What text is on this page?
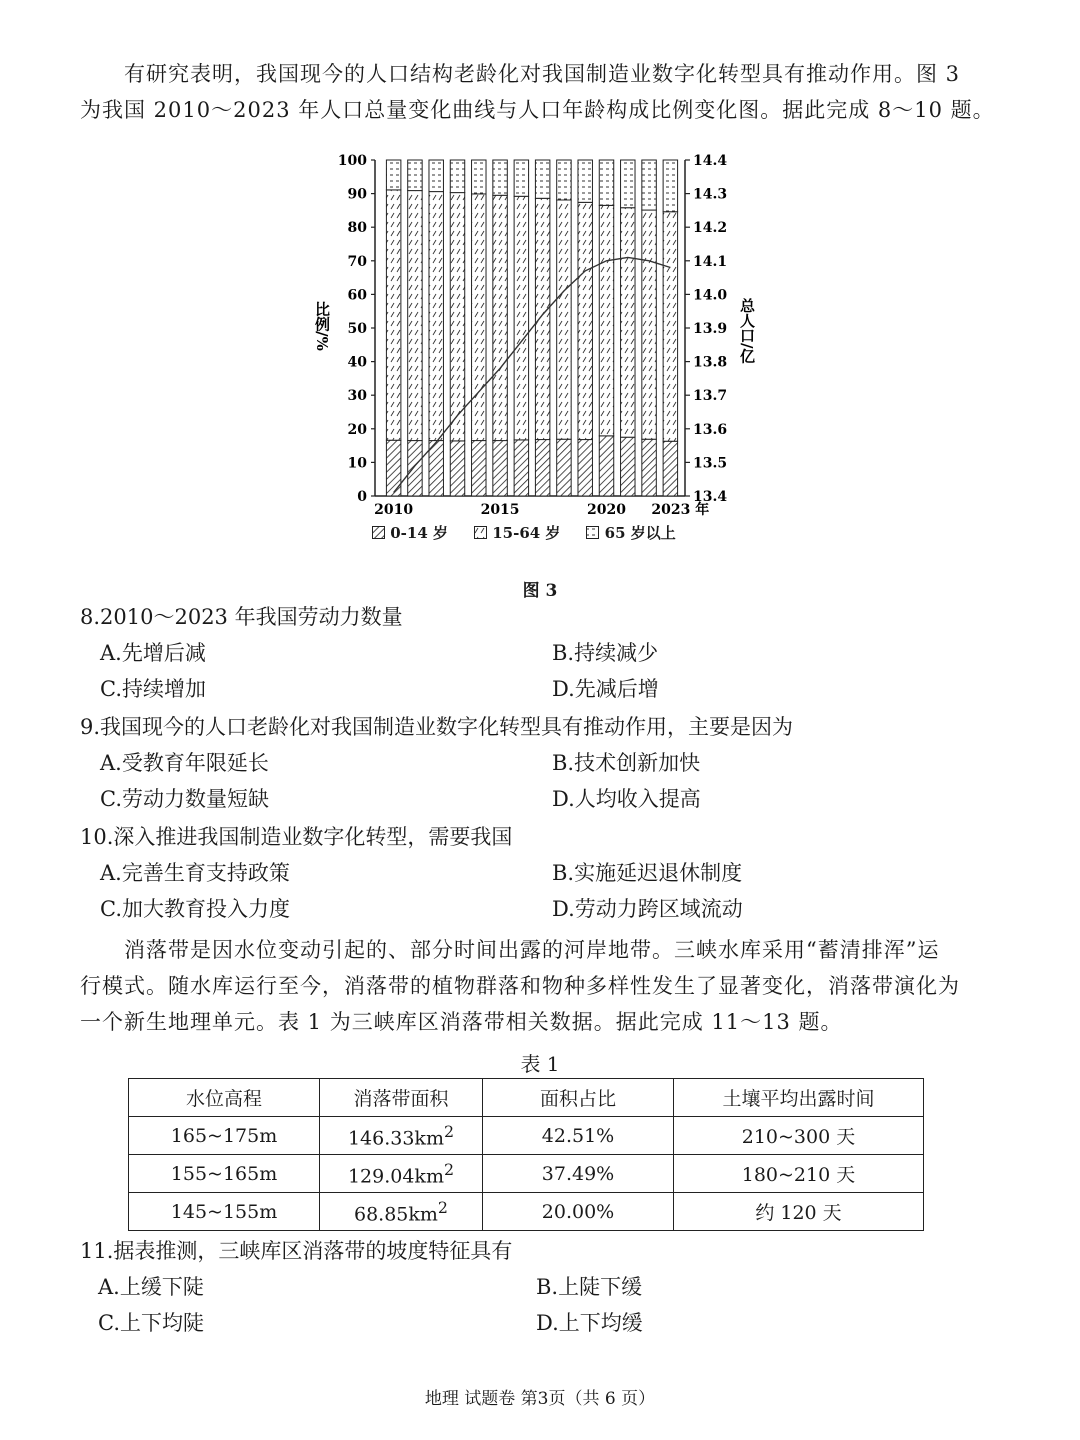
有研究表明，我国现今的人口结构老龄化对我国制造业数字化转型具有推动作用。图 3
为我国 2010～2023 年人口总量变化曲线与人口年龄构成比例变化图。据此完成 8～10 题。
0
10
20
30
40
50
60
70
80
90
100
13.4
13.5
13.6
13.7
13.8
13.9
14.0
14.1
14.2
14.3
14.4
2010	2015	2020 2023 年
比例/%	总人口/亿
0-14 岁	15-64 岁	65 岁以上
图 3
8.2010～2023 年我国劳动力数量
A.先增后减	B.持续减少
C.持续增加	D.先减后增
9.我国现今的人口老龄化对我国制造业数字化转型具有推动作用，主要是因为
A.受教育年限延长	B.技术创新加快
C.劳动力数量短缺	D.人均收入提高
10.深入推进我国制造业数字化转型，需要我国
A.完善生育支持政策	B.实施延迟退休制度
C.加大教育投入力度	D.劳动力跨区域流动
消落带是因水位变动引起的、部分时间出露的河岸地带。三峡水库采用“蓄清排浑”运
行模式。随水库运行至今，消落带的植物群落和物种多样性发生了显著变化，消落带演化为
一个新生地理单元。表 1 为三峡库区消落带相关数据。据此完成 11～13 题。
表 1
水位高程	消落带面积	面积占比	土壤平均出露时间
165~175m	$146.33km^2$	42.51%	210~300 天
155~165m	$129.04km^2$	37.49%	180~210 天
145~155m	$68.85km^2$	20.00%	约 120 天
11.据表推测，三峡库区消落带的坡度特征具有
A.上缓下陡	B.上陡下缓
C.上下均陡	D.上下均缓
地理 试题卷 第3页（共 6 页）
